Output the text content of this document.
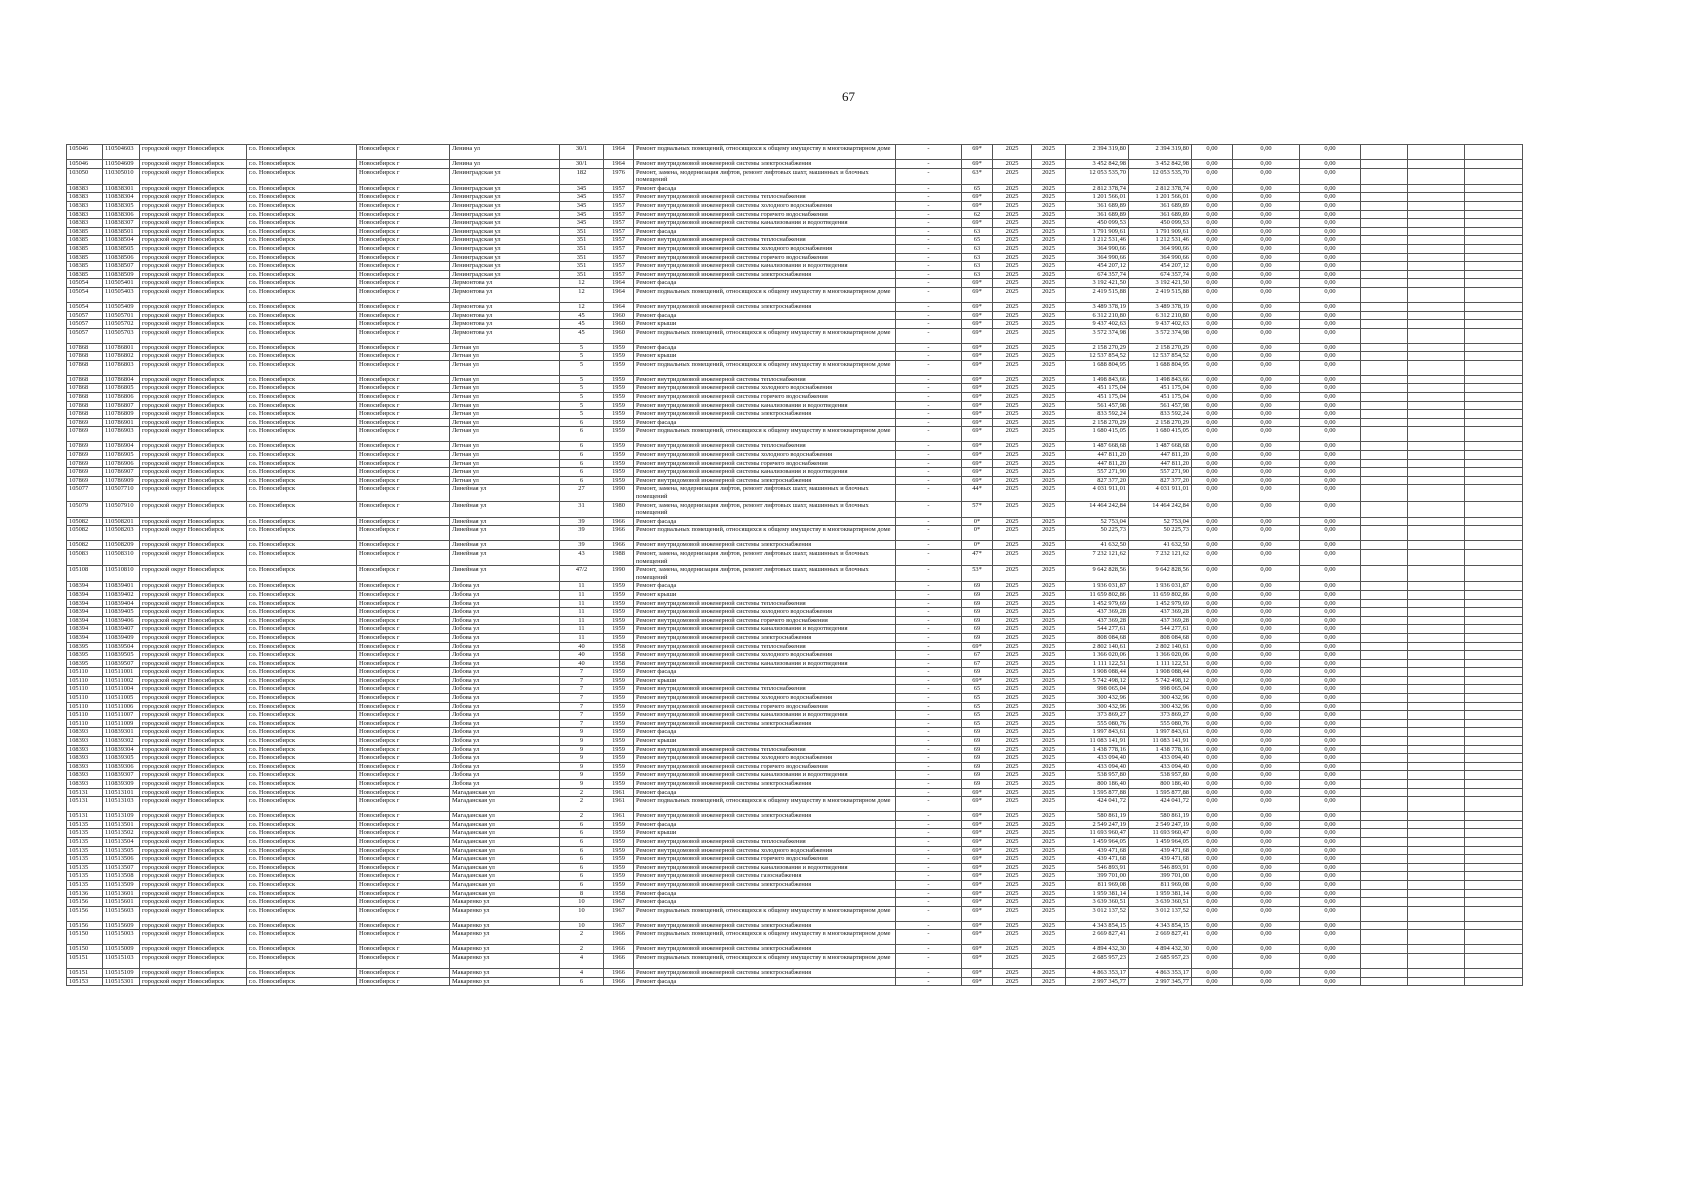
67
105046	110504603	городской округ Новосибирск	г.о. Новосибирск	Новосибирск г	Ленина ул	30/1	1964	Ремонт подвальных помещений, относящихся к общему имуществу в многоквартирном доме	-	69*	2025	2025	2 394 319,80	2 394 319,80	0,00	0,00	0,00			
105046	110504609	городской округ Новосибирск	г.о. Новосибирск	Новосибирск г	Ленина ул	30/1	1964	Ремонт внутридомовой инженерной системы электроснабжения	-	69*	2025	2025	3 452 842,98	3 452 842,98	0,00	0,00	0,00			
103050	110305010	городской округ Новосибирск	г.о. Новосибирск	Новосибирск г	Ленинградская ул	182	1976	Ремонт, замена, модернизация лифтов, ремонт лифтовых шахт, машинных и блочных помещений	-	63*	2025	2025	12 053 535,70	12 053 535,70	0,00	0,00	0,00			
108383	110838301	городской округ Новосибирск	г.о. Новосибирск	Новосибирск г	Ленинградская ул	345	1957	Ремонт фасада	-	65	2025	2025	2 812 378,74	2 812 378,74	0,00	0,00	0,00			
108383	110838304	городской округ Новосибирск	г.о. Новосибирск	Новосибирск г	Ленинградская ул	345	1957	Ремонт внутридомовой инженерной системы теплоснабжения	-	69*	2025	2025	1 201 566,01	1 201 566,01	0,00	0,00	0,00			
108383	110838305	городской округ Новосибирск	г.о. Новосибирск	Новосибирск г	Ленинградская ул	345	1957	Ремонт внутридомовой инженерной системы холодного водоснабжения	-	69*	2025	2025	361 689,89	361 689,89	0,00	0,00	0,00			
108383	110838306	городской округ Новосибирск	г.о. Новосибирск	Новосибирск г	Ленинградская ул	345	1957	Ремонт внутридомовой инженерной системы горячего водоснабжения	-	62	2025	2025	361 689,89	361 689,89	0,00	0,00	0,00			
108383	110838307	городской округ Новосибирск	г.о. Новосибирск	Новосибирск г	Ленинградская ул	345	1957	Ремонт внутридомовой инженерной системы канализования и водоотведения	-	69*	2025	2025	450 099,53	450 099,53	0,00	0,00	0,00			
108385	110838501	городской округ Новосибирск	г.о. Новосибирск	Новосибирск г	Ленинградская ул	351	1957	Ремонт фасада	-	63	2025	2025	1 791 909,61	1 791 909,61	0,00	0,00	0,00			
108385	110838504	городской округ Новосибирск	г.о. Новосибирск	Новосибирск г	Ленинградская ул	351	1957	Ремонт внутридомовой инженерной системы теплоснабжения	-	65	2025	2025	1 212 531,46	1 212 531,46	0,00	0,00	0,00			
108385	110838505	городской округ Новосибирск	г.о. Новосибирск	Новосибирск г	Ленинградская ул	351	1957	Ремонт внутридомовой инженерной системы холодного водоснабжения	-	63	2025	2025	364 990,66	364 990,66	0,00	0,00	0,00			
108385	110838506	городской округ Новосибирск	г.о. Новосибирск	Новосибирск г	Ленинградская ул	351	1957	Ремонт внутридомовой инженерной системы горячего водоснабжения	-	63	2025	2025	364 990,66	364 990,66	0,00	0,00	0,00			
108385	110838507	городской округ Новосибирск	г.о. Новосибирск	Новосибирск г	Ленинградская ул	351	1957	Ремонт внутридомовой инженерной системы канализования и водоотведения	-	63	2025	2025	454 207,12	454 207,12	0,00	0,00	0,00			
108385	110838509	городской округ Новосибирск	г.о. Новосибирск	Новосибирск г	Ленинградская ул	351	1957	Ремонт внутридомовой инженерной системы электроснабжения	-	63	2025	2025	674 357,74	674 357,74	0,00	0,00	0,00			
105054	110505401	городской округ Новосибирск	г.о. Новосибирск	Новосибирск г	Лермонтова ул	12	1964	Ремонт фасада	-	69*	2025	2025	3 192 421,50	3 192 421,50	0,00	0,00	0,00			
105054	110505403	городской округ Новосибирск	г.о. Новосибирск	Новосибирск г	Лермонтова ул	12	1964	Ремонт подвальных помещений, относящихся к общему имуществу в многоквартирном доме	-	69*	2025	2025	2 419 515,88	2 419 515,88	0,00	0,00	0,00			
105054	110505409	городской округ Новосибирск	г.о. Новосибирск	Новосибирск г	Лермонтова ул	12	1964	Ремонт внутридомовой инженерной системы электроснабжения	-	69*	2025	2025	3 489 378,19	3 489 378,19	0,00	0,00	0,00			
105057	110505701	городской округ Новосибирск	г.о. Новосибирск	Новосибирск г	Лермонтова ул	45	1960	Ремонт фасада	-	69*	2025	2025	6 312 210,80	6 312 210,80	0,00	0,00	0,00			
105057	110505702	городской округ Новосибирск	г.о. Новосибирск	Новосибирск г	Лермонтова ул	45	1960	Ремонт крыши	-	69*	2025	2025	9 437 402,63	9 437 402,63	0,00	0,00	0,00			
105057	110505703	городской округ Новосибирск	г.о. Новосибирск	Новосибирск г	Лермонтова ул	45	1960	Ремонт подвальных помещений, относящихся к общему имуществу в многоквартирном доме	-	69*	2025	2025	3 572 374,98	3 572 374,98	0,00	0,00	0,00			
107868	110786801	городской округ Новосибирск	г.о. Новосибирск	Новосибирск г	Летная ул	5	1959	Ремонт фасада	-	69*	2025	2025	2 158 270,29	2 158 270,29	0,00	0,00	0,00			
107868	110786802	городской округ Новосибирск	г.о. Новосибирск	Новосибирск г	Летная ул	5	1959	Ремонт крыши	-	69*	2025	2025	12 537 854,52	12 537 854,52	0,00	0,00	0,00			
107868	110786803	городской округ Новосибирск	г.о. Новосибирск	Новосибирск г	Летная ул	5	1959	Ремонт подвальных помещений, относящихся к общему имуществу в многоквартирном доме	-	69*	2025	2025	1 688 804,95	1 688 804,95	0,00	0,00	0,00			
107868	110786804	городской округ Новосибирск	г.о. Новосибирск	Новосибирск г	Летная ул	5	1959	Ремонт внутридомовой инженерной системы теплоснабжения	-	69*	2025	2025	1 498 843,66	1 498 843,66	0,00	0,00	0,00			
107868	110786805	городской округ Новосибирск	г.о. Новосибирск	Новосибирск г	Летная ул	5	1959	Ремонт внутридомовой инженерной системы холодного водоснабжения	-	69*	2025	2025	451 175,04	451 175,04	0,00	0,00	0,00			
107868	110786806	городской округ Новосибирск	г.о. Новосибирск	Новосибирск г	Летная ул	5	1959	Ремонт внутридомовой инженерной системы горячего водоснабжения	-	69*	2025	2025	451 175,04	451 175,04	0,00	0,00	0,00			
107868	110786807	городской округ Новосибирск	г.о. Новосибирск	Новосибирск г	Летная ул	5	1959	Ремонт внутридомовой инженерной системы канализования и водоотведения	-	69*	2025	2025	561 457,98	561 457,98	0,00	0,00	0,00			
107868	110786809	городской округ Новосибирск	г.о. Новосибирск	Новосибирск г	Летная ул	5	1959	Ремонт внутридомовой инженерной системы электроснабжения	-	69*	2025	2025	833 592,24	833 592,24	0,00	0,00	0,00			
107869	110786901	городской округ Новосибирск	г.о. Новосибирск	Новосибирск г	Летная ул	6	1959	Ремонт фасада	-	69*	2025	2025	2 158 270,29	2 158 270,29	0,00	0,00	0,00			
107869	110786903	городской округ Новосибирск	г.о. Новосибирск	Новосибирск г	Летная ул	6	1959	Ремонт подвальных помещений, относящихся к общему имуществу в многоквартирном доме	-	69*	2025	2025	1 680 415,05	1 680 415,05	0,00	0,00	0,00			
107869	110786904	городской округ Новосибирск	г.о. Новосибирск	Новосибирск г	Летная ул	6	1959	Ремонт внутридомовой инженерной системы теплоснабжения	-	69*	2025	2025	1 487 668,68	1 487 668,68	0,00	0,00	0,00			
107869	110786905	городской округ Новосибирск	г.о. Новосибирск	Новосибирск г	Летная ул	6	1959	Ремонт внутридомовой инженерной системы холодного водоснабжения	-	69*	2025	2025	447 811,20	447 811,20	0,00	0,00	0,00			
107869	110786906	городской округ Новосибирск	г.о. Новосибирск	Новосибирск г	Летная ул	6	1959	Ремонт внутридомовой инженерной системы горячего водоснабжения	-	69*	2025	2025	447 811,20	447 811,20	0,00	0,00	0,00			
107869	110786907	городской округ Новосибирск	г.о. Новосибирск	Новосибирск г	Летная ул	6	1959	Ремонт внутридомовой инженерной системы канализования и водоотведения	-	69*	2025	2025	557 271,90	557 271,90	0,00	0,00	0,00			
107869	110786909	городской округ Новосибирск	г.о. Новосибирск	Новосибирск г	Летная ул	6	1959	Ремонт внутридомовой инженерной системы электроснабжения	-	69*	2025	2025	827 377,20	827 377,20	0,00	0,00	0,00			
105077	110507710	городской округ Новосибирск	г.о. Новосибирск	Новосибирск г	Линейная ул	27	1990	Ремонт, замена, модернизация лифтов, ремонт лифтовых шахт, машинных и блочных помещений	-	44*	2025	2025	4 031 911,01	4 031 911,01	0,00	0,00	0,00			
105079	110507910	городской округ Новосибирск	г.о. Новосибирск	Новосибирск г	Линейная ул	31	1980	Ремонт, замена, модернизация лифтов, ремонт лифтовых шахт, машинных и блочных помещений	-	57*	2025	2025	14 464 242,84	14 464 242,84	0,00	0,00	0,00			
105082	110508201	городской округ Новосибирск	г.о. Новосибирск	Новосибирск г	Линейная ул	39	1966	Ремонт фасада	-	0*	2025	2025	52 753,04	52 753,04	0,00	0,00	0,00			
105082	110508203	городской округ Новосибирск	г.о. Новосибирск	Новосибирск г	Линейная ул	39	1966	Ремонт подвальных помещений, относящихся к общему имуществу в многоквартирном доме	-	0*	2025	2025	50 225,73	50 225,73	0,00	0,00	0,00			
105082	110508209	городской округ Новосибирск	г.о. Новосибирск	Новосибирск г	Линейная ул	39	1966	Ремонт внутридомовой инженерной системы электроснабжения	-	0*	2025	2025	41 632,50	41 632,50	0,00	0,00	0,00			
105083	110508310	городской округ Новосибирск	г.о. Новосибирск	Новосибирск г	Линейная ул	43	1988	Ремонт, замена, модернизация лифтов, ремонт лифтовых шахт, машинных и блочных помещений	-	47*	2025	2025	7 232 121,62	7 232 121,62	0,00	0,00	0,00			
105108	110510810	городской округ Новосибирск	г.о. Новосибирск	Новосибирск г	Линейная ул	47/2	1990	Ремонт, замена, модернизация лифтов, ремонт лифтовых шахт, машинных и блочных помещений	-	53*	2025	2025	9 642 828,56	9 642 828,56	0,00	0,00	0,00			
108394	110839401	городской округ Новосибирск	г.о. Новосибирск	Новосибирск г	Лобова ул	11	1959	Ремонт фасада	-	69	2025	2025	1 936 031,87	1 936 031,87	0,00	0,00	0,00			
108394	110839402	городской округ Новосибирск	г.о. Новосибирск	Новосибирск г	Лобова ул	11	1959	Ремонт крыши	-	69	2025	2025	11 659 802,86	11 659 802,86	0,00	0,00	0,00			
108394	110839404	городской округ Новосибирск	г.о. Новосибирск	Новосибирск г	Лобова ул	11	1959	Ремонт внутридомовой инженерной системы теплоснабжения	-	69	2025	2025	1 452 979,69	1 452 979,69	0,00	0,00	0,00			
108394	110839405	городской округ Новосибирск	г.о. Новосибирск	Новосибирск г	Лобова ул	11	1959	Ремонт внутридомовой инженерной системы холодного водоснабжения	-	69	2025	2025	437 369,28	437 369,28	0,00	0,00	0,00			
108394	110839406	городской округ Новосибирск	г.о. Новосибирск	Новосибирск г	Лобова ул	11	1959	Ремонт внутридомовой инженерной системы горячего водоснабжения	-	69	2025	2025	437 369,28	437 369,28	0,00	0,00	0,00			
108394	110839407	городской округ Новосибирск	г.о. Новосибирск	Новосибирск г	Лобова ул	11	1959	Ремонт внутридомовой инженерной системы канализования и водоотведения	-	69	2025	2025	544 277,61	544 277,61	0,00	0,00	0,00			
108394	110839409	городской округ Новосибирск	г.о. Новосибирск	Новосибирск г	Лобова ул	11	1959	Ремонт внутридомовой инженерной системы электроснабжения	-	69	2025	2025	808 084,68	808 084,68	0,00	0,00	0,00			
108395	110839504	городской округ Новосибирск	г.о. Новосибирск	Новосибирск г	Лобова ул	40	1958	Ремонт внутридомовой инженерной системы теплоснабжения	-	69*	2025	2025	2 802 140,61	2 802 140,61	0,00	0,00	0,00			
108395	110839505	городской округ Новосибирск	г.о. Новосибирск	Новосибирск г	Лобова ул	40	1958	Ремонт внутридомовой инженерной системы холодного водоснабжения	-	67	2025	2025	1 366 020,06	1 366 020,06	0,00	0,00	0,00			
108395	110839507	городской округ Новосибирск	г.о. Новосибирск	Новосибирск г	Лобова ул	40	1958	Ремонт внутридомовой инженерной системы канализования и водоотведения	-	67	2025	2025	1 111 122,51	1 111 122,51	0,00	0,00	0,00			
105110	110511001	городской округ Новосибирск	г.о. Новосибирск	Новосибирск г	Лобова ул	7	1959	Ремонт фасада	-	69	2025	2025	1 908 088,44	1 908 088,44	0,00	0,00	0,00			
105110	110511002	городской округ Новосибирск	г.о. Новосибирск	Новосибирск г	Лобова ул	7	1959	Ремонт крыши	-	69*	2025	2025	5 742 498,12	5 742 498,12	0,00	0,00	0,00			
105110	110511004	городской округ Новосибирск	г.о. Новосибирск	Новосибирск г	Лобова ул	7	1959	Ремонт внутридомовой инженерной системы теплоснабжения	-	65	2025	2025	998 065,04	998 065,04	0,00	0,00	0,00			
105110	110511005	городской округ Новосибирск	г.о. Новосибирск	Новосибирск г	Лобова ул	7	1959	Ремонт внутридомовой инженерной системы холодного водоснабжения	-	65	2025	2025	300 432,96	300 432,96	0,00	0,00	0,00			
105110	110511006	городской округ Новосибирск	г.о. Новосибирск	Новосибирск г	Лобова ул	7	1959	Ремонт внутридомовой инженерной системы горячего водоснабжения	-	65	2025	2025	300 432,96	300 432,96	0,00	0,00	0,00			
105110	110511007	городской округ Новосибирск	г.о. Новосибирск	Новосибирск г	Лобова ул	7	1959	Ремонт внутридомовой инженерной системы канализования и водоотведения	-	65	2025	2025	373 869,27	373 869,27	0,00	0,00	0,00			
105110	110511009	городской округ Новосибирск	г.о. Новосибирск	Новосибирск г	Лобова ул	7	1959	Ремонт внутридомовой инженерной системы электроснабжения	-	65	2025	2025	555 080,76	555 080,76	0,00	0,00	0,00			
108393	110839301	городской округ Новосибирск	г.о. Новосибирск	Новосибирск г	Лобова ул	9	1959	Ремонт фасада	-	69	2025	2025	1 997 843,61	1 997 843,61	0,00	0,00	0,00			
108393	110839302	городской округ Новосибирск	г.о. Новосибирск	Новосибирск г	Лобова ул	9	1959	Ремонт крыши	-	69	2025	2025	11 083 141,91	11 083 141,91	0,00	0,00	0,00			
108393	110839304	городской округ Новосибирск	г.о. Новосибирск	Новосибирск г	Лобова ул	9	1959	Ремонт внутридомовой инженерной системы теплоснабжения	-	69	2025	2025	1 438 778,16	1 438 778,16	0,00	0,00	0,00			
108393	110839305	городской округ Новосибирск	г.о. Новосибирск	Новосибирск г	Лобова ул	9	1959	Ремонт внутридомовой инженерной системы холодного водоснабжения	-	69	2025	2025	433 094,40	433 094,40	0,00	0,00	0,00			
108393	110839306	городской округ Новосибирск	г.о. Новосибирск	Новосибирск г	Лобова ул	9	1959	Ремонт внутридомовой инженерной системы горячего водоснабжения	-	69	2025	2025	433 094,40	433 094,40	0,00	0,00	0,00			
108393	110839307	городской округ Новосибирск	г.о. Новосибирск	Новосибирск г	Лобова ул	9	1959	Ремонт внутридомовой инженерной системы канализования и водоотведения	-	69	2025	2025	538 957,80	538 957,80	0,00	0,00	0,00			
108393	110839309	городской округ Новосибирск	г.о. Новосибирск	Новосибирск г	Лобова ул	9	1959	Ремонт внутридомовой инженерной системы электроснабжения	-	69	2025	2025	800 186,40	800 186,40	0,00	0,00	0,00			
105131	110513101	городской округ Новосибирск	г.о. Новосибирск	Новосибирск г	Магаданская ул	2	1961	Ремонт фасада	-	69*	2025	2025	1 595 877,88	1 595 877,88	0,00	0,00	0,00			
105131	110513103	городской округ Новосибирск	г.о. Новосибирск	Новосибирск г	Магаданская ул	2	1961	Ремонт подвальных помещений, относящихся к общему имуществу в многоквартирном доме	-	69*	2025	2025	424 041,72	424 041,72	0,00	0,00	0,00			
105131	110513109	городской округ Новосибирск	г.о. Новосибирск	Новосибирск г	Магаданская ул	2	1961	Ремонт внутридомовой инженерной системы электроснабжения	-	69*	2025	2025	580 861,19	580 861,19	0,00	0,00	0,00			
105135	110513501	городской округ Новосибирск	г.о. Новосибирск	Новосибирск г	Магаданская ул	6	1959	Ремонт фасада	-	69*	2025	2025	2 549 247,19	2 549 247,19	0,00	0,00	0,00			
105135	110513502	городской округ Новосибирск	г.о. Новосибирск	Новосибирск г	Магаданская ул	6	1959	Ремонт крыши	-	69*	2025	2025	11 693 960,47	11 693 960,47	0,00	0,00	0,00			
105135	110513504	городской округ Новосибирск	г.о. Новосибирск	Новосибирск г	Магаданская ул	6	1959	Ремонт внутридомовой инженерной системы теплоснабжения	-	69*	2025	2025	1 459 964,05	1 459 964,05	0,00	0,00	0,00			
105135	110513505	городской округ Новосибирск	г.о. Новосибирск	Новосибирск г	Магаданская ул	6	1959	Ремонт внутридомовой инженерной системы холодного водоснабжения	-	69*	2025	2025	439 471,68	439 471,68	0,00	0,00	0,00			
105135	110513506	городской округ Новосибирск	г.о. Новосибирск	Новосибирск г	Магаданская ул	6	1959	Ремонт внутридомовой инженерной системы горячего водоснабжения	-	69*	2025	2025	439 471,68	439 471,68	0,00	0,00	0,00			
105135	110513507	городской округ Новосибирск	г.о. Новосибирск	Новосибирск г	Магаданская ул	6	1959	Ремонт внутридомовой инженерной системы канализования и водоотведения	-	69*	2025	2025	546 893,91	546 893,91	0,00	0,00	0,00			
105135	110513508	городской округ Новосибирск	г.о. Новосибирск	Новосибирск г	Магаданская ул	6	1959	Ремонт внутридомовой инженерной системы газоснабжения	-	69*	2025	2025	399 701,00	399 701,00	0,00	0,00	0,00			
105135	110513509	городской округ Новосибирск	г.о. Новосибирск	Новосибирск г	Магаданская ул	6	1959	Ремонт внутридомовой инженерной системы электроснабжения	-	69*	2025	2025	811 969,08	811 969,08	0,00	0,00	0,00			
105136	110513601	городской округ Новосибирск	г.о. Новосибирск	Новосибирск г	Магаданская ул	8	1958	Ремонт фасада	-	69*	2025	2025	1 959 381,14	1 959 381,14	0,00	0,00	0,00			
105156	110515601	городской округ Новосибирск	г.о. Новосибирск	Новосибирск г	Макаренко ул	10	1967	Ремонт фасада	-	69*	2025	2025	3 639 360,51	3 639 360,51	0,00	0,00	0,00			
105156	110515603	городской округ Новосибирск	г.о. Новосибирск	Новосибирск г	Макаренко ул	10	1967	Ремонт подвальных помещений, относящихся к общему имуществу в многоквартирном доме	-	69*	2025	2025	3 012 137,52	3 012 137,52	0,00	0,00	0,00			
105156	110515609	городской округ Новосибирск	г.о. Новосибирск	Новосибирск г	Макаренко ул	10	1967	Ремонт внутридомовой инженерной системы электроснабжения	-	69*	2025	2025	4 343 854,15	4 343 854,15	0,00	0,00	0,00			
105150	110515003	городской округ Новосибирск	г.о. Новосибирск	Новосибирск г	Макаренко ул	2	1966	Ремонт подвальных помещений, относящихся к общему имуществу в многоквартирном доме	-	69*	2025	2025	2 669 827,41	2 669 827,41	0,00	0,00	0,00			
105150	110515009	городской округ Новосибирск	г.о. Новосибирск	Новосибирск г	Макаренко ул	2	1966	Ремонт внутридомовой инженерной системы электроснабжения	-	69*	2025	2025	4 894 432,30	4 894 432,30	0,00	0,00	0,00			
105151	110515103	городской округ Новосибирск	г.о. Новосибирск	Новосибирск г	Макаренко ул	4	1966	Ремонт подвальных помещений, относящихся к общему имуществу в многоквартирном доме	-	69*	2025	2025	2 685 957,23	2 685 957,23	0,00	0,00	0,00			
105151	110515109	городской округ Новосибирск	г.о. Новосибирск	Новосибирск г	Макаренко ул	4	1966	Ремонт внутридомовой инженерной системы электроснабжения	-	69*	2025	2025	4 863 353,17	4 863 353,17	0,00	0,00	0,00			
105153	110515301	городской округ Новосибирск	г.о. Новосибирск	Новосибирск г	Макаренко ул	6	1966	Ремонт фасада	-	69*	2025	2025	2 997 345,77	2 997 345,77	0,00	0,00	0,00			
